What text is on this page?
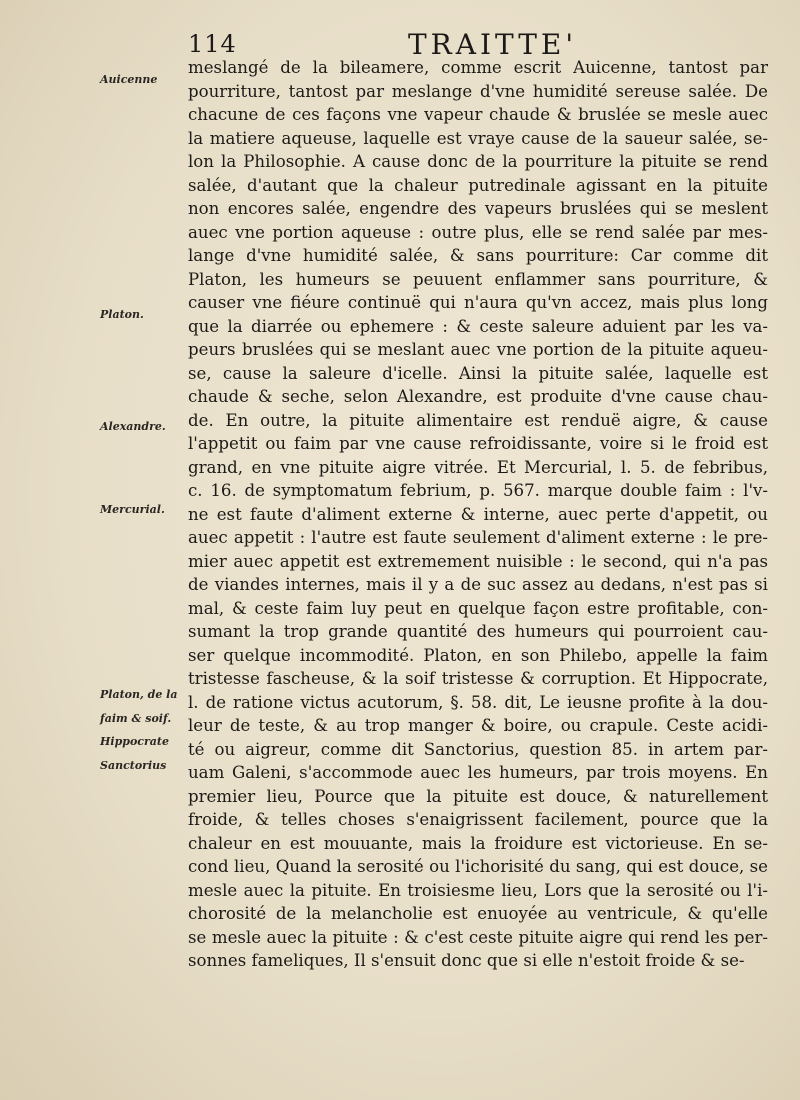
114	TRAITTE'
Auicenne
Platon.
Alexandre.
Mercurial.
Platon, de la faim & soif.
Hippocrate
Sanctorius
meslangé de la bileamere, comme escrit Auicenne, tantost par
pourriture, tantost par meslange d'vne humidité sereuse salée. De
chacune de ces façons vne vapeur chaude & bruslée se mesle auec
la matiere aqueuse, laquelle est vraye cause de la saueur salée, se-
lon la Philosophie. A cause donc de la pourriture la pituite se rend
salée, d'autant que la chaleur putredinale agissant en la pituite
non encores salée, engendre des vapeurs bruslées qui se meslent
auec vne portion aqueuse : outre plus, elle se rend salée par mes-
lange d'vne humidité salée, & sans pourriture: Car comme dit
Platon, les humeurs se peuuent enflammer sans pourriture, &
causer vne fiéure continuë qui n'aura qu'vn accez, mais plus long
que la diarrée ou ephemere : & ceste saleure aduient par les va-
peurs bruslées qui se meslant auec vne portion de la pituite aqueu-
se, cause la saleure d'icelle. Ainsi la pituite salée, laquelle est
chaude & seche, selon Alexandre, est produite d'vne cause chau-
de. En outre, la pituite alimentaire est renduë aigre, & cause
l'appetit ou faim par vne cause refroidissante, voire si le froid est
grand, en vne pituite aigre vitrée. Et Mercurial, l. 5. de febribus,
c. 16. de symptomatum febrium, p. 567. marque double faim : l'v-
ne est faute d'aliment externe & interne, auec perte d'appetit, ou
auec appetit : l'autre est faute seulement d'aliment externe : le pre-
mier auec appetit est extremement nuisible : le second, qui n'a pas
de viandes internes, mais il y a de suc assez au dedans, n'est pas si
mal, & ceste faim luy peut en quelque façon estre profitable, con-
sumant la trop grande quantité des humeurs qui pourroient cau-
ser quelque incommodité. Platon, en son Philebo, appelle la faim
tristesse fascheuse, & la soif tristesse & corruption. Et Hippocrate,
l. de ratione victus acutorum, §. 58. dit, Le ieusne profite à la dou-
leur de teste, & au trop manger & boire, ou crapule. Ceste acidi-
té ou aigreur, comme dit Sanctorius, question 85. in artem par-
uam Galeni, s'accommode auec les humeurs, par trois moyens. En
premier lieu, Pource que la pituite est douce, & naturellement
froide, & telles choses s'enaigrissent facilement, pource que la
chaleur en est mouuante, mais la froidure est victorieuse. En se-
cond lieu, Quand la serosité ou l'ichorisité du sang, qui est douce, se
mesle auec la pituite. En troisiesme lieu, Lors que la serosité ou l'i-
chorosité de la melancholie est enuoyée au ventricule, & qu'elle
se mesle auec la pituite : & c'est ceste pituite aigre qui rend les per-
sonnes fameliques, Il s'ensuit donc que si elle n'estoit froide & se-
